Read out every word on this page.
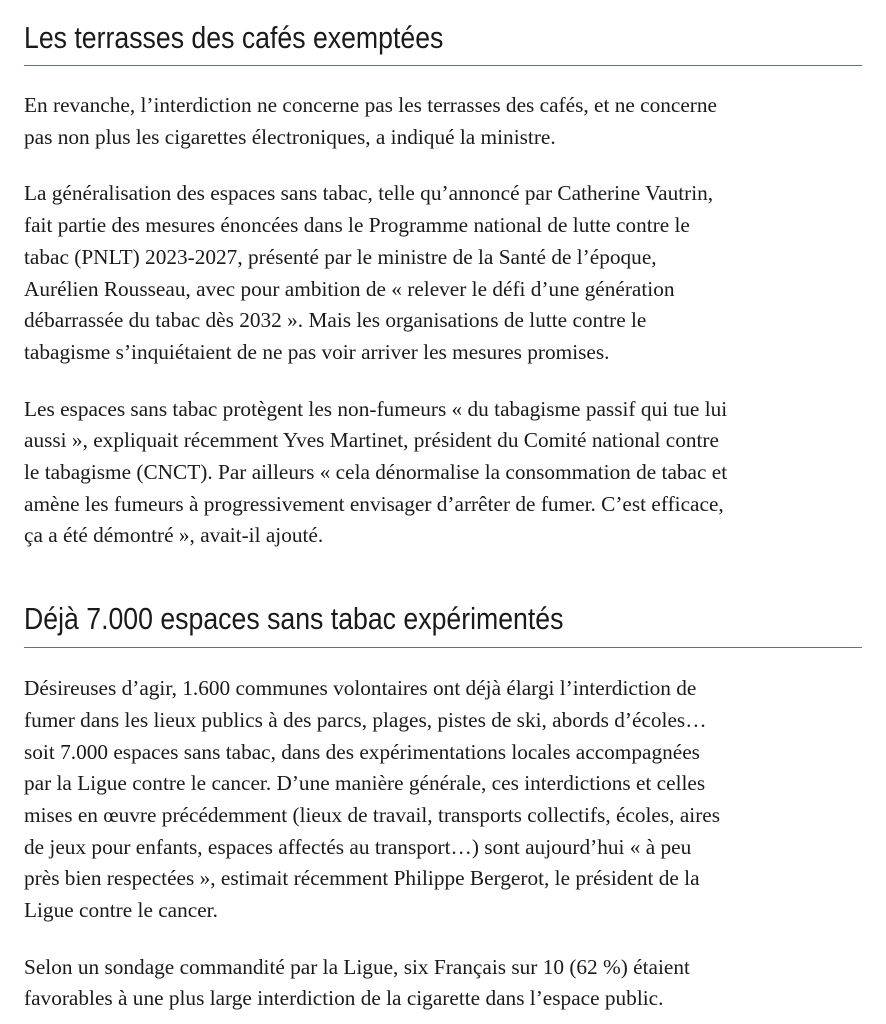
Les terrasses des cafés exemptées

En revanche, l’interdiction ne concerne pas les terrasses des cafés, et ne concerne
pas non plus les cigarettes électroniques, a indiqué la ministre.

La généralisation des espaces sans tabac, telle qu’annoncé par Catherine Vautrin,
fait partie des mesures énoncées dans le Programme national de lutte contre le
tabac (PNLT) 2023-2027, présenté par le ministre de la Santé de l’époque,
Aurélien Rousseau, avec pour ambition de « relever le défi d’une génération
débarrassée du tabac dès 2032 ». Mais les organisations de lutte contre le
tabagisme s’inquiétaient de ne pas voir arriver les mesures promises.

Les espaces sans tabac protègent les non-fumeurs « du tabagisme passif qui tue lui
aussi », expliquait récemment Yves Martinet, président du Comité national contre
le tabagisme (CNCT). Par ailleurs « cela dénormalise la consommation de tabac et
amène les fumeurs à progressivement envisager d’arrêter de fumer. C’est efficace,
ça a été démontré », avait-il ajouté.

Déjà 7.000 espaces sans tabac expérimentés

Désireuses d’agir, 1.600 communes volontaires ont déjà élargi l’interdiction de
fumer dans les lieux publics à des parcs, plages, pistes de ski, abords d’écoles…
soit 7.000 espaces sans tabac, dans des expérimentations locales accompagnées
par la Ligue contre le cancer. D’une manière générale, ces interdictions et celles
mises en œuvre précédemment (lieux de travail, transports collectifs, écoles, aires
de jeux pour enfants, espaces affectés au transport…) sont aujourd’hui « à peu
près bien respectées », estimait récemment Philippe Bergerot, le président de la
Ligue contre le cancer.

Selon un sondage commandité par la Ligue, six Français sur 10 (62 %) étaient
favorables à une plus large interdiction de la cigarette dans l’espace public.
